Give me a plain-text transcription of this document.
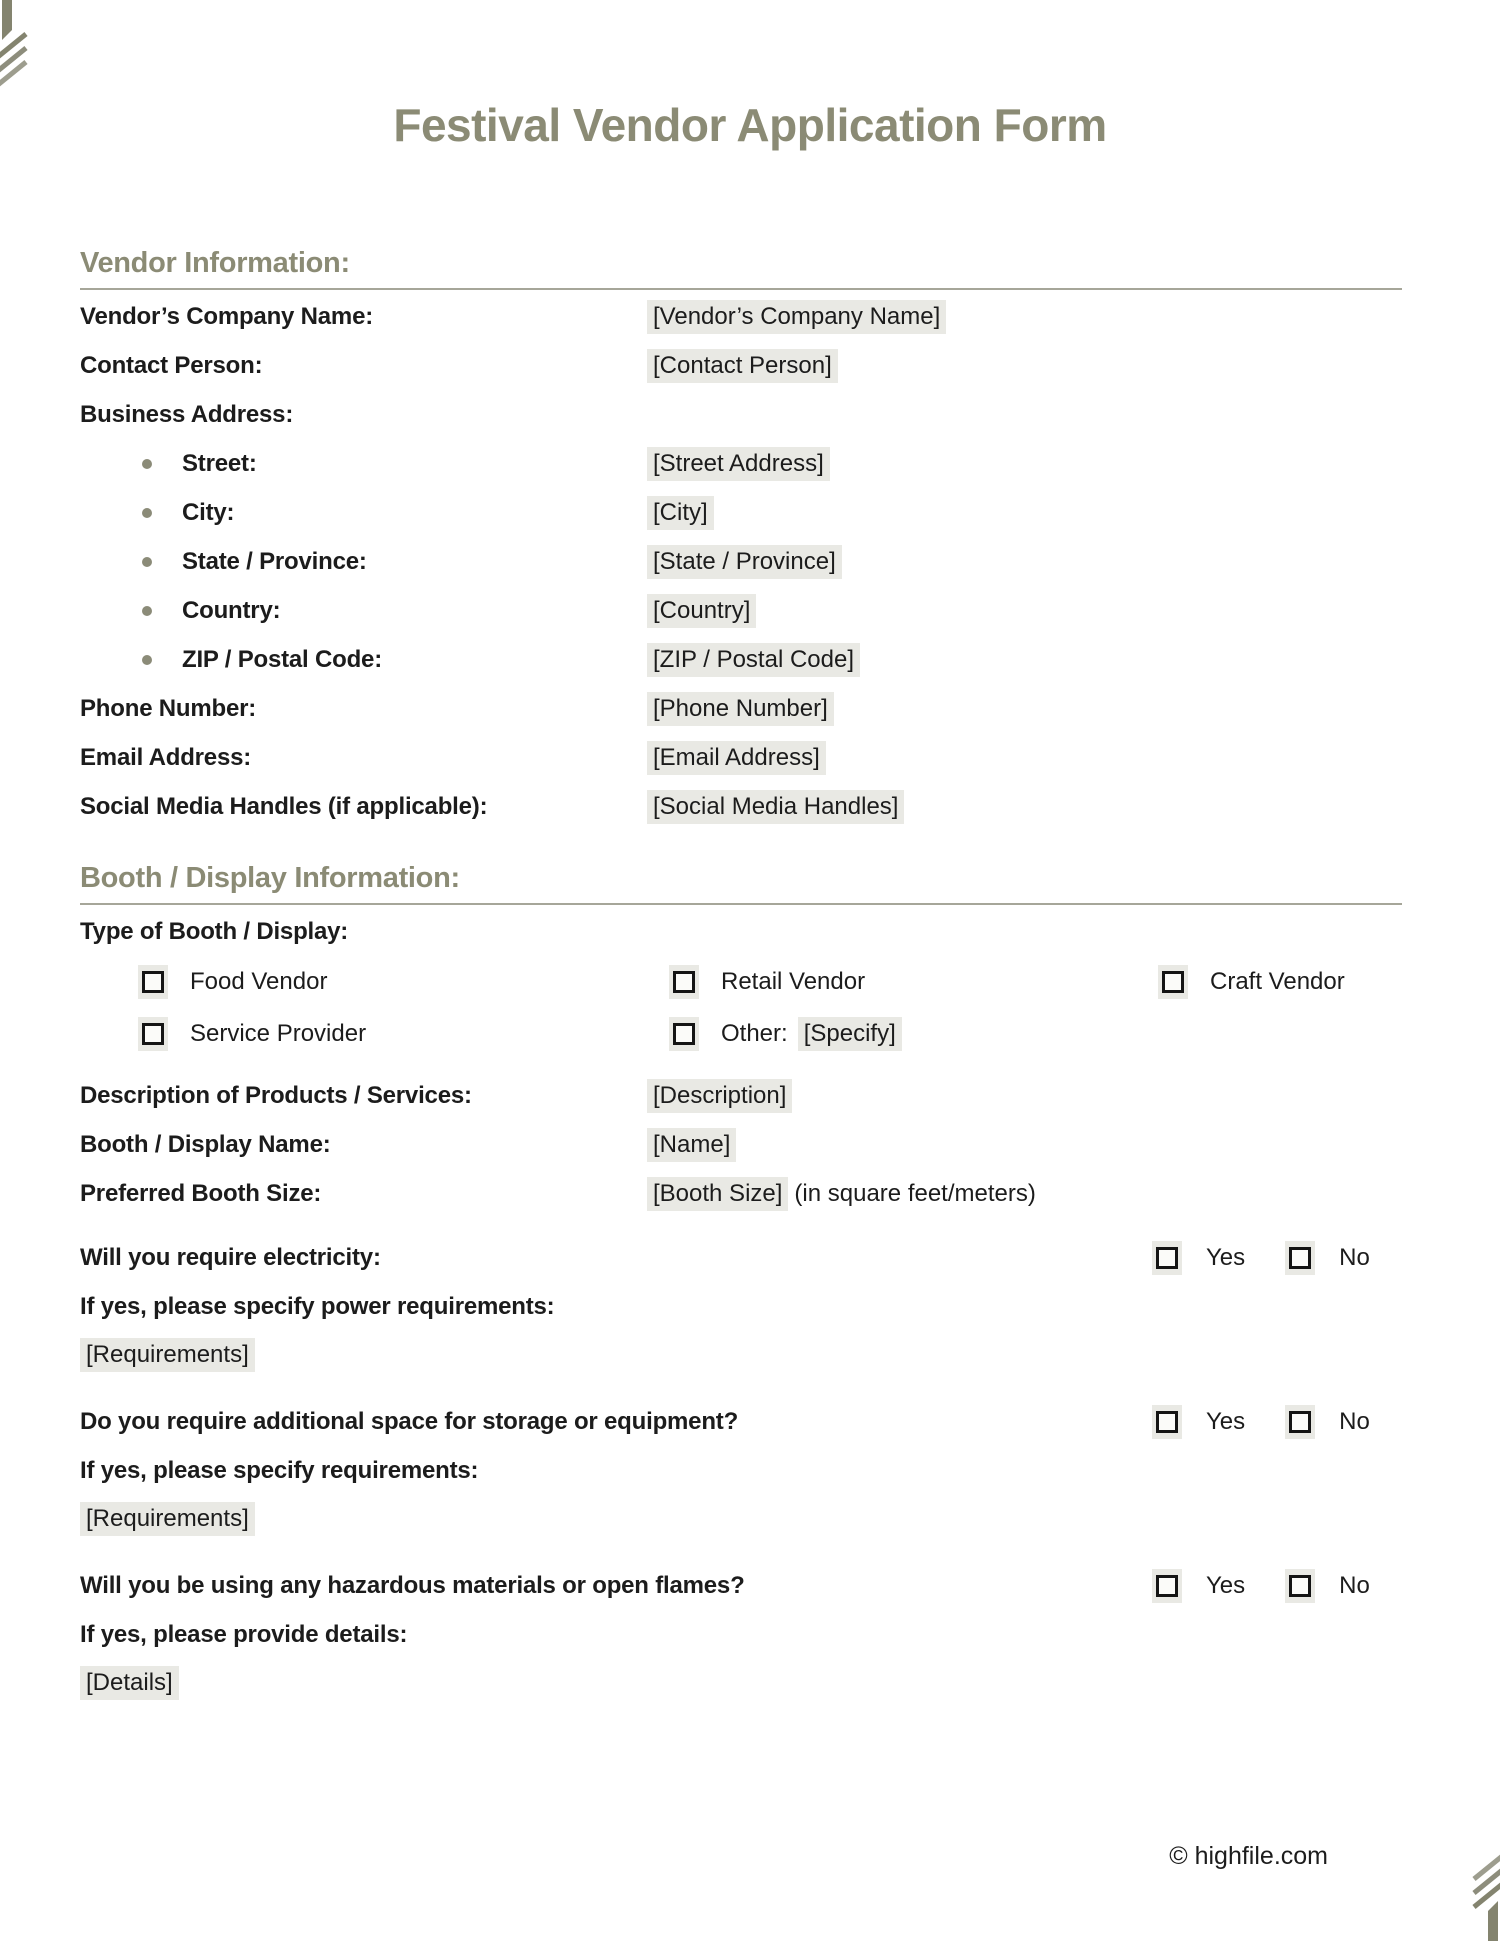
Festival Vendor Application Form
Vendor Information:
Vendor’s Company Name:	[Vendor’s Company Name]
Contact Person:	[Contact Person]
Business Address:
Street:	[Street Address]
City:	[City]
State / Province:	[State / Province]
Country:	[Country]
ZIP / Postal Code:	[ZIP / Postal Code]
Phone Number:	[Phone Number]
Email Address:	[Email Address]
Social Media Handles (if applicable):	[Social Media Handles]
Booth / Display Information:
Type of Booth / Display:
Food Vendor	Retail Vendor	Craft Vendor
Service Provider	Other: [Specify]
Description of Products / Services:	[Description]
Booth / Display Name:	[Name]
Preferred Booth Size:	[Booth Size] (in square feet/meters)
Will you require electricity:	Yes	No
If yes, please specify power requirements:
[Requirements]
Do you require additional space for storage or equipment?	Yes	No
If yes, please specify requirements:
[Requirements]
Will you be using any hazardous materials or open flames?	Yes	No
If yes, please provide details:
[Details]
© highfile.com
